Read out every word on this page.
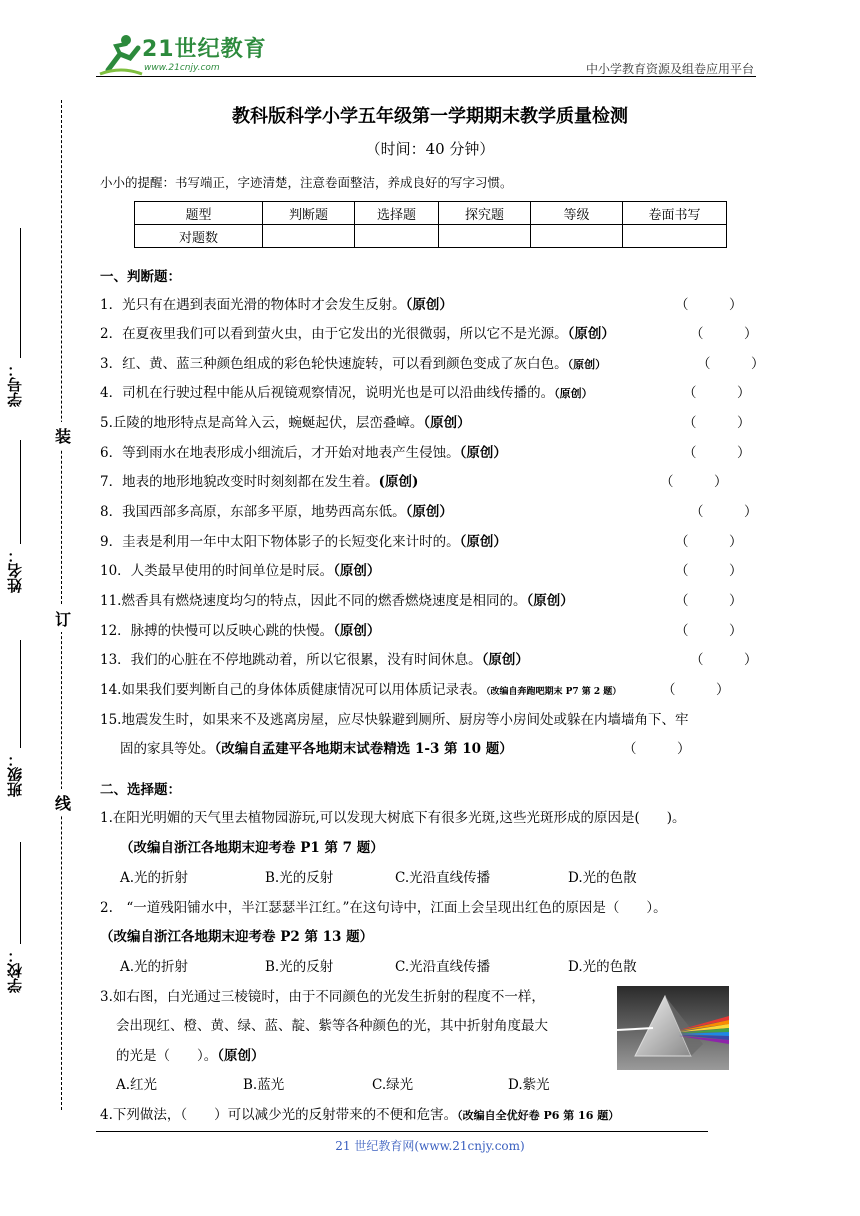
21世纪教育
www.21cnjy.com	中小学教育资源及组卷应用平台
装
订
线
学号：
姓名：
班级：
学校：
教科版科学小学五年级第一学期期末教学质量检测
（时间：40 分钟）
小小的提醒：书写端正，字迹清楚，注意卷面整洁，养成良好的写字习惯。
题型	判断题	选择题	探究题	等级	卷面书写
对题数					
一、判断题：
1．光只有在遇到表面光滑的物体时才会发生反射。（原创）	（　　　）
2．在夏夜里我们可以看到萤火虫，由于它发出的光很微弱，所以它不是光源。（原创）	（　　　）
3．红、黄、蓝三种颜色组成的彩色轮快速旋转，可以看到颜色变成了灰白色。（原创）	（　　　）
4．司机在行驶过程中能从后视镜观察情况，说明光也是可以沿曲线传播的。（原创）	（　　　）
5.丘陵的地形特点是高耸入云，蜿蜒起伏，层峦叠嶂。（原创）	（　　　）
6．等到雨水在地表形成小细流后，才开始对地表产生侵蚀。（原创）	（　　　）
7．地表的地形地貌改变时时刻刻都在发生着。(原创)	（　　　）
8．我国西部多高原，东部多平原，地势西高东低。（原创）	（　　　）
9．圭表是利用一年中太阳下物体影子的长短变化来计时的。（原创）	（　　　）
10．人类最早使用的时间单位是时辰。（原创）	（　　　）
11.燃香具有燃烧速度均匀的特点，因此不同的燃香燃烧速度是相同的。（原创）	（　　　）
12．脉搏的快慢可以反映心跳的快慢。（原创）	（　　　）
13．我们的心脏在不停地跳动着，所以它很累，没有时间休息。（原创）	（　　　）
14.如果我们要判断自己的身体体质健康情况可以用体质记录表。（改编自奔跑吧期末 P7 第 2 题）	（　　　）
15.地震发生时，如果来不及逃离房屋，应尽快躲避到厕所、厨房等小房间处或躲在内墙墙角下、牢
固的家具等处。（改编自孟建平各地期末试卷精选 1-3 第 10 题）	（　　　）
二、选择题：
1.在阳光明媚的天气里去植物园游玩,可以发现大树底下有很多光斑,这些光斑形成的原因是(　　)。
（改编自浙江各地期末迎考卷 P1 第 7 题）
A.光的折射	B.光的反射	C.光沿直线传播	D.光的色散
2.　“一道残阳铺水中，半江瑟瑟半江红。”在这句诗中，江面上会呈现出红色的原因是（　　）。
（改编自浙江各地期末迎考卷 P2 第 13 题）
A.光的折射	B.光的反射	C.光沿直线传播	D.光的色散
3.如右图，白光通过三棱镜时，由于不同颜色的光发生折射的程度不一样，
会出现红、橙、黄、绿、蓝、靛、紫等各种颜色的光，其中折射角度最大
的光是（　　）。（原创）
A.红光	B.蓝光	C.绿光	D.紫光
4.下列做法，（　　）可以减少光的反射带来的不便和危害。（改编自全优好卷 P6 第 16 题）
21 世纪教育网(www.21cnjy.com)
